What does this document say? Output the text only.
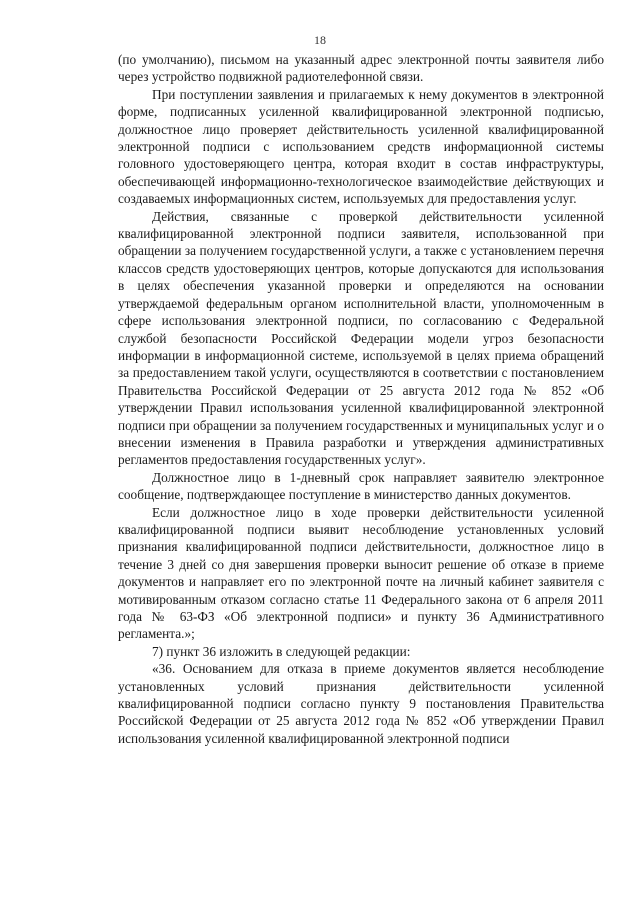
18

(по умолчанию), письмом на указанный адрес электронной почты заявителя либо через устройство подвижной радиотелефонной связи.

При поступлении заявления и прилагаемых к нему документов в электронной форме, подписанных усиленной квалифицированной электронной подписью, должностное лицо проверяет действительность усиленной квалифицированной электронной подписи с использованием средств информационной системы головного удостоверяющего центра, которая входит в состав инфраструктуры, обеспечивающей информационно-технологическое взаимодействие действующих и создаваемых информационных систем, используемых для предоставления услуг.

Действия, связанные с проверкой действительности усиленной квалифицированной электронной подписи заявителя, использованной при обращении за получением государственной услуги, а также с установлением перечня классов средств удостоверяющих центров, которые допускаются для использования в целях обеспечения указанной проверки и определяются на основании утверждаемой федеральным органом исполнительной власти, уполномоченным в сфере использования электронной подписи, по согласованию с Федеральной службой безопасности Российской Федерации модели угроз безопасности информации в информационной системе, используемой в целях приема обращений за предоставлением такой услуги, осуществляются в соответствии с постановлением Правительства Российской Федерации от 25 августа 2012 года № 852 «Об утверждении Правил использования усиленной квалифицированной электронной подписи при обращении за получением государственных и муниципальных услуг и о внесении изменения в Правила разработки и утверждения административных регламентов предоставления государственных услуг».

Должностное лицо в 1-дневный срок направляет заявителю электронное сообщение, подтверждающее поступление в министерство данных документов.

Если должностное лицо в ходе проверки действительности усиленной квалифицированной подписи выявит несоблюдение установленных условий признания квалифицированной подписи действительности, должностное лицо в течение 3 дней со дня завершения проверки выносит решение об отказе в приеме документов и направляет его по электронной почте на личный кабинет заявителя с мотивированным отказом согласно статье 11 Федерального закона от 6 апреля 2011 года № 63-ФЗ «Об электронной подписи» и пункту 36 Административного регламента.»;

7) пункт 36 изложить в следующей редакции:

«36. Основанием для отказа в приеме документов является несоблюдение установленных условий признания действительности усиленной квалифицированной подписи согласно пункту 9 постановления Правительства Российской Федерации от 25 августа 2012 года № 852 «Об утверждении Правил использования усиленной квалифицированной электронной подписи
